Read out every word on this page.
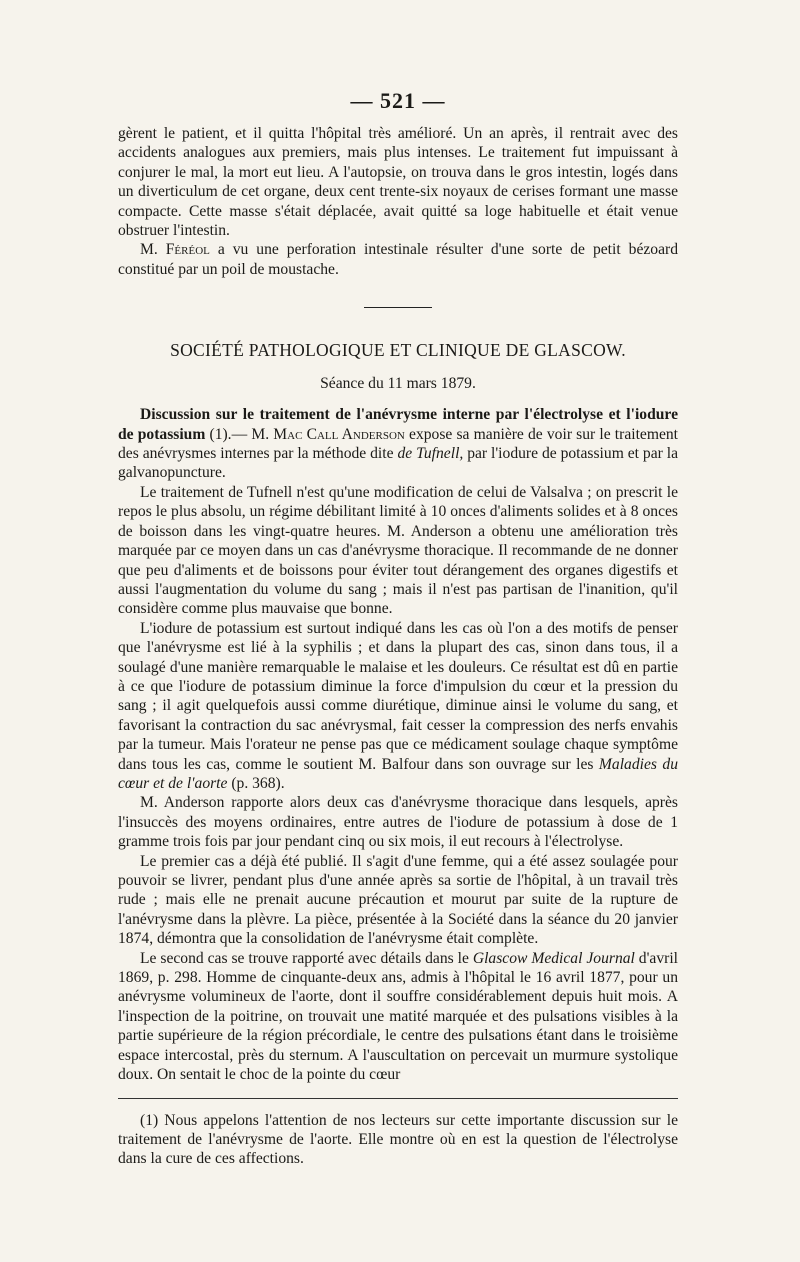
— 521 —

gèrent le patient, et il quitta l'hôpital très amélioré. Un an après, il rentrait avec des accidents analogues aux premiers, mais plus intenses. Le traitement fut impuissant à conjurer le mal, la mort eut lieu. A l'autopsie, on trouva dans le gros intestin, logés dans un diverticulum de cet organe, deux cent trente-six noyaux de cerises formant une masse compacte. Cette masse s'était déplacée, avait quitté sa loge habituelle et était venue obstruer l'intestin.

M. Féréol a vu une perforation intestinale résulter d'une sorte de petit bézoard constitué par un poil de moustache.

SOCIÉTÉ PATHOLOGIQUE ET CLINIQUE DE GLASCOW.
Séance du 11 mars 1879.

Discussion sur le traitement de l'anévrysme interne par l'électrolyse et l'iodure de potassium (1).— M. Mac Call Anderson expose sa manière de voir sur le traitement des anévrysmes internes par la méthode dite de Tufnell, par l'iodure de potassium et par la galvanopuncture.

Le traitement de Tufnell n'est qu'une modification de celui de Valsalva ; on prescrit le repos le plus absolu, un régime débilitant limité à 10 onces d'aliments solides et à 8 onces de boisson dans les vingt-quatre heures. M. Anderson a obtenu une amélioration très marquée par ce moyen dans un cas d'anévrysme thoracique. Il recommande de ne donner que peu d'aliments et de boissons pour éviter tout dérangement des organes digestifs et aussi l'augmentation du volume du sang ; mais il n'est pas partisan de l'inanition, qu'il considère comme plus mauvaise que bonne.

L'iodure de potassium est surtout indiqué dans les cas où l'on a des motifs de penser que l'anévrysme est lié à la syphilis ; et dans la plupart des cas, sinon dans tous, il a soulagé d'une manière remarquable le malaise et les douleurs. Ce résultat est dû en partie à ce que l'iodure de potassium diminue la force d'impulsion du cœur et la pression du sang ; il agit quelquefois aussi comme diurétique, diminue ainsi le volume du sang, et favorisant la contraction du sac anévrysmal, fait cesser la compression des nerfs envahis par la tumeur. Mais l'orateur ne pense pas que ce médicament soulage chaque symptôme dans tous les cas, comme le soutient M. Balfour dans son ouvrage sur les Maladies du cœur et de l'aorte (p. 368).

M. Anderson rapporte alors deux cas d'anévrysme thoracique dans lesquels, après l'insuccès des moyens ordinaires, entre autres de l'iodure de potassium à dose de 1 gramme trois fois par jour pendant cinq ou six mois, il eut recours à l'électrolyse.

Le premier cas a déjà été publié. Il s'agit d'une femme, qui a été assez soulagée pour pouvoir se livrer, pendant plus d'une année après sa sortie de l'hôpital, à un travail très rude ; mais elle ne prenait aucune précaution et mourut par suite de la rupture de l'anévrysme dans la plèvre. La pièce, présentée à la Société dans la séance du 20 janvier 1874, démontra que la consolidation de l'anévrysme était complète.

Le second cas se trouve rapporté avec détails dans le Glascow Medical Journal d'avril 1869, p. 298. Homme de cinquante-deux ans, admis à l'hôpital le 16 avril 1877, pour un anévrysme volumineux de l'aorte, dont il souffre considérablement depuis huit mois. A l'inspection de la poitrine, on trouvait une matité marquée et des pulsations visibles à la partie supérieure de la région précordiale, le centre des pulsations étant dans le troisième espace intercostal, près du sternum. A l'auscultation on percevait un murmure systolique doux. On sentait le choc de la pointe du cœur

(1) Nous appelons l'attention de nos lecteurs sur cette importante discussion sur le traitement de l'anévrysme de l'aorte. Elle montre où en est la question de l'électrolyse dans la cure de ces affections.
